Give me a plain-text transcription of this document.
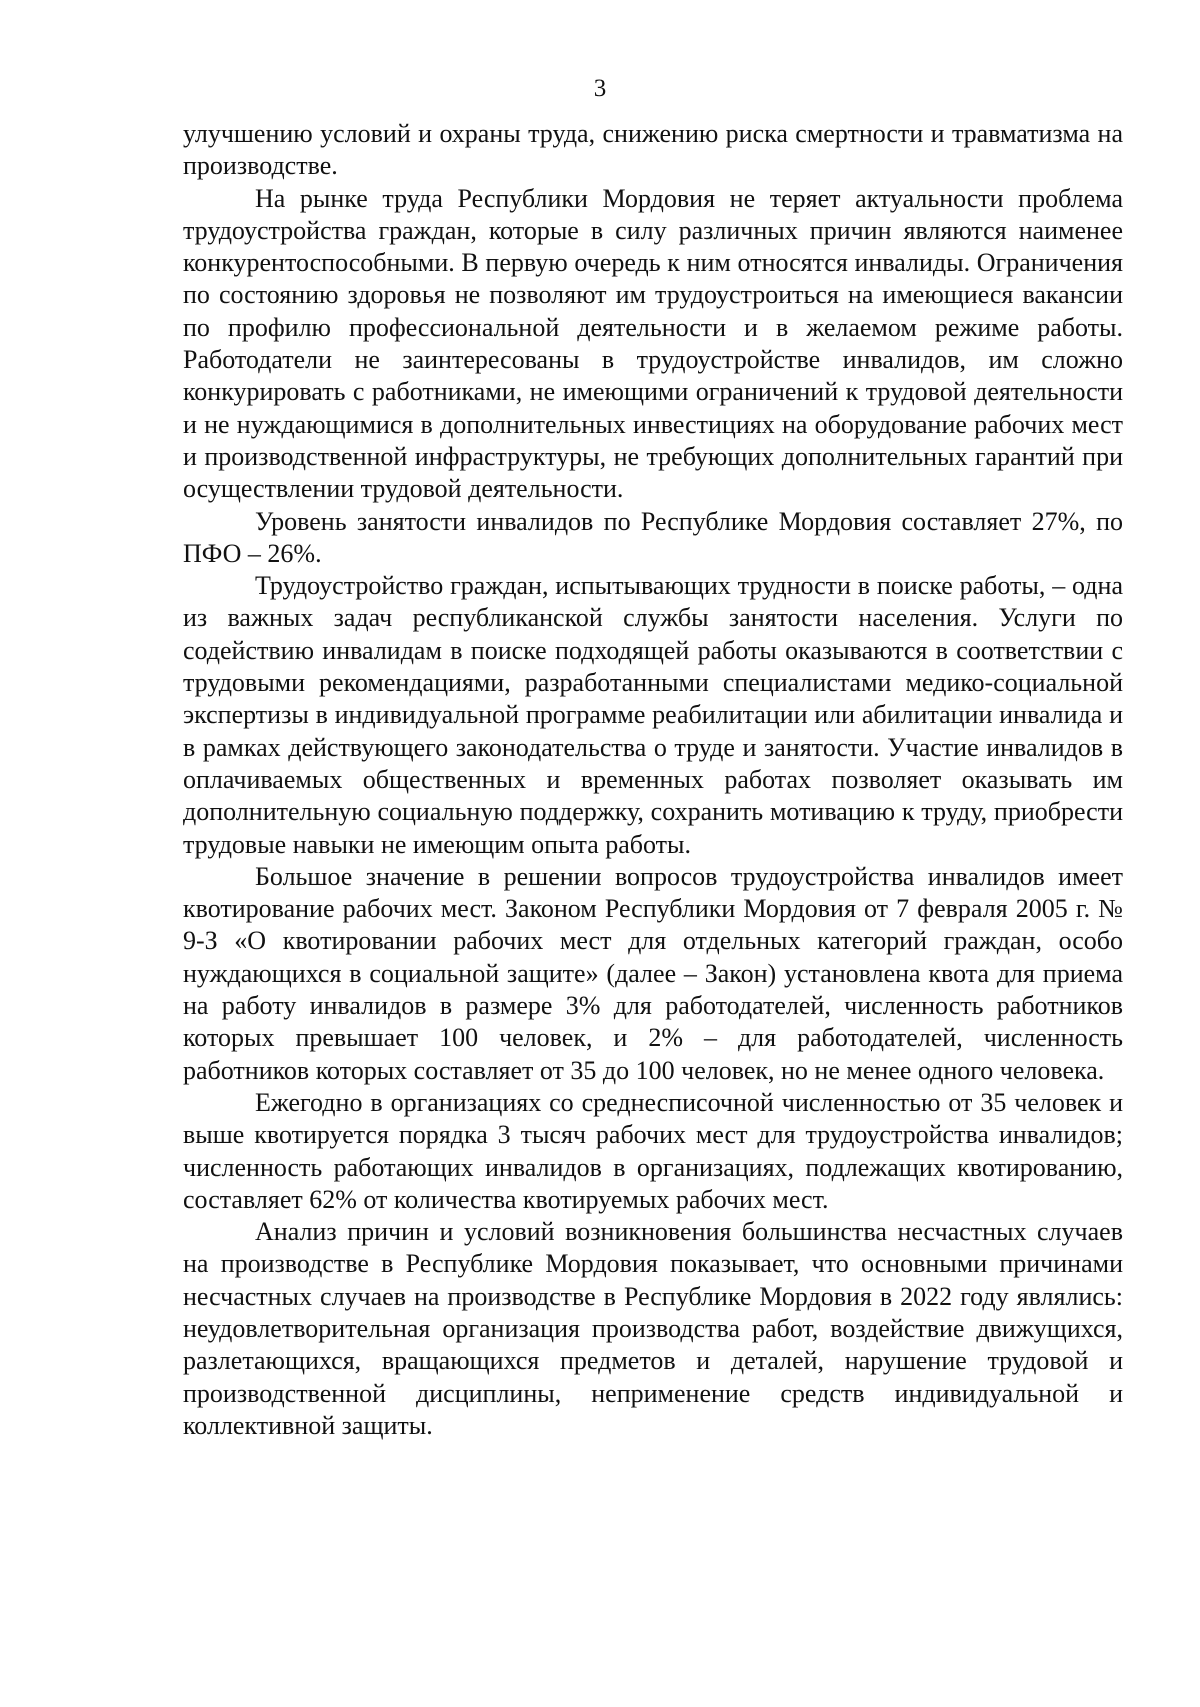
3

улучшению условий и охраны труда, снижению риска смертности и травматизма на производстве.

На рынке труда Республики Мордовия не теряет актуальности проблема трудоустройства граждан, которые в силу различных причин являются наименее конкурентоспособными. В первую очередь к ним относятся инвалиды. Ограничения по состоянию здоровья не позволяют им трудоустроиться на имеющиеся вакансии по профилю профессиональной деятельности и в желаемом режиме работы. Работодатели не заинтересованы в трудоустройстве инвалидов, им сложно конкурировать с работниками, не имеющими ограничений к трудовой деятельности и не нуждающимися в дополнительных инвестициях на оборудование рабочих мест и производственной инфраструктуры, не требующих дополнительных гарантий при осуществлении трудовой деятельности.

Уровень занятости инвалидов по Республике Мордовия составляет 27%, по ПФО – 26%.

Трудоустройство граждан, испытывающих трудности в поиске работы, – одна из важных задач республиканской службы занятости населения. Услуги по содействию инвалидам в поиске подходящей работы оказываются в соответствии с трудовыми рекомендациями, разработанными специалистами медико-социальной экспертизы в индивидуальной программе реабилитации или абилитации инвалида и в рамках действующего законодательства о труде и занятости. Участие инвалидов в оплачиваемых общественных и временных работах позволяет оказывать им дополнительную социальную поддержку, сохранить мотивацию к труду, приобрести трудовые навыки не имеющим опыта работы.

Большое значение в решении вопросов трудоустройства инвалидов имеет квотирование рабочих мест. Законом Республики Мордовия от 7 февраля 2005 г. № 9-З «О квотировании рабочих мест для отдельных категорий граждан, особо нуждающихся в социальной защите» (далее – Закон) установлена квота для приема на работу инвалидов в размере 3% для работодателей, численность работников которых превышает 100 человек, и 2% – для работодателей, численность работников которых составляет от 35 до 100 человек, но не менее одного человека.

Ежегодно в организациях со среднесписочной численностью от 35 человек и выше квотируется порядка 3 тысяч рабочих мест для трудоустройства инвалидов; численность работающих инвалидов в организациях, подлежащих квотированию, составляет 62% от количества квотируемых рабочих мест.

Анализ причин и условий возникновения большинства несчастных случаев на производстве в Республике Мордовия показывает, что основными причинами несчастных случаев на производстве в Республике Мордовия в 2022 году являлись: неудовлетворительная организация производства работ, воздействие движущихся, разлетающихся, вращающихся предметов и деталей, нарушение трудовой и производственной дисциплины, неприменение средств индивидуальной и коллективной защиты.
